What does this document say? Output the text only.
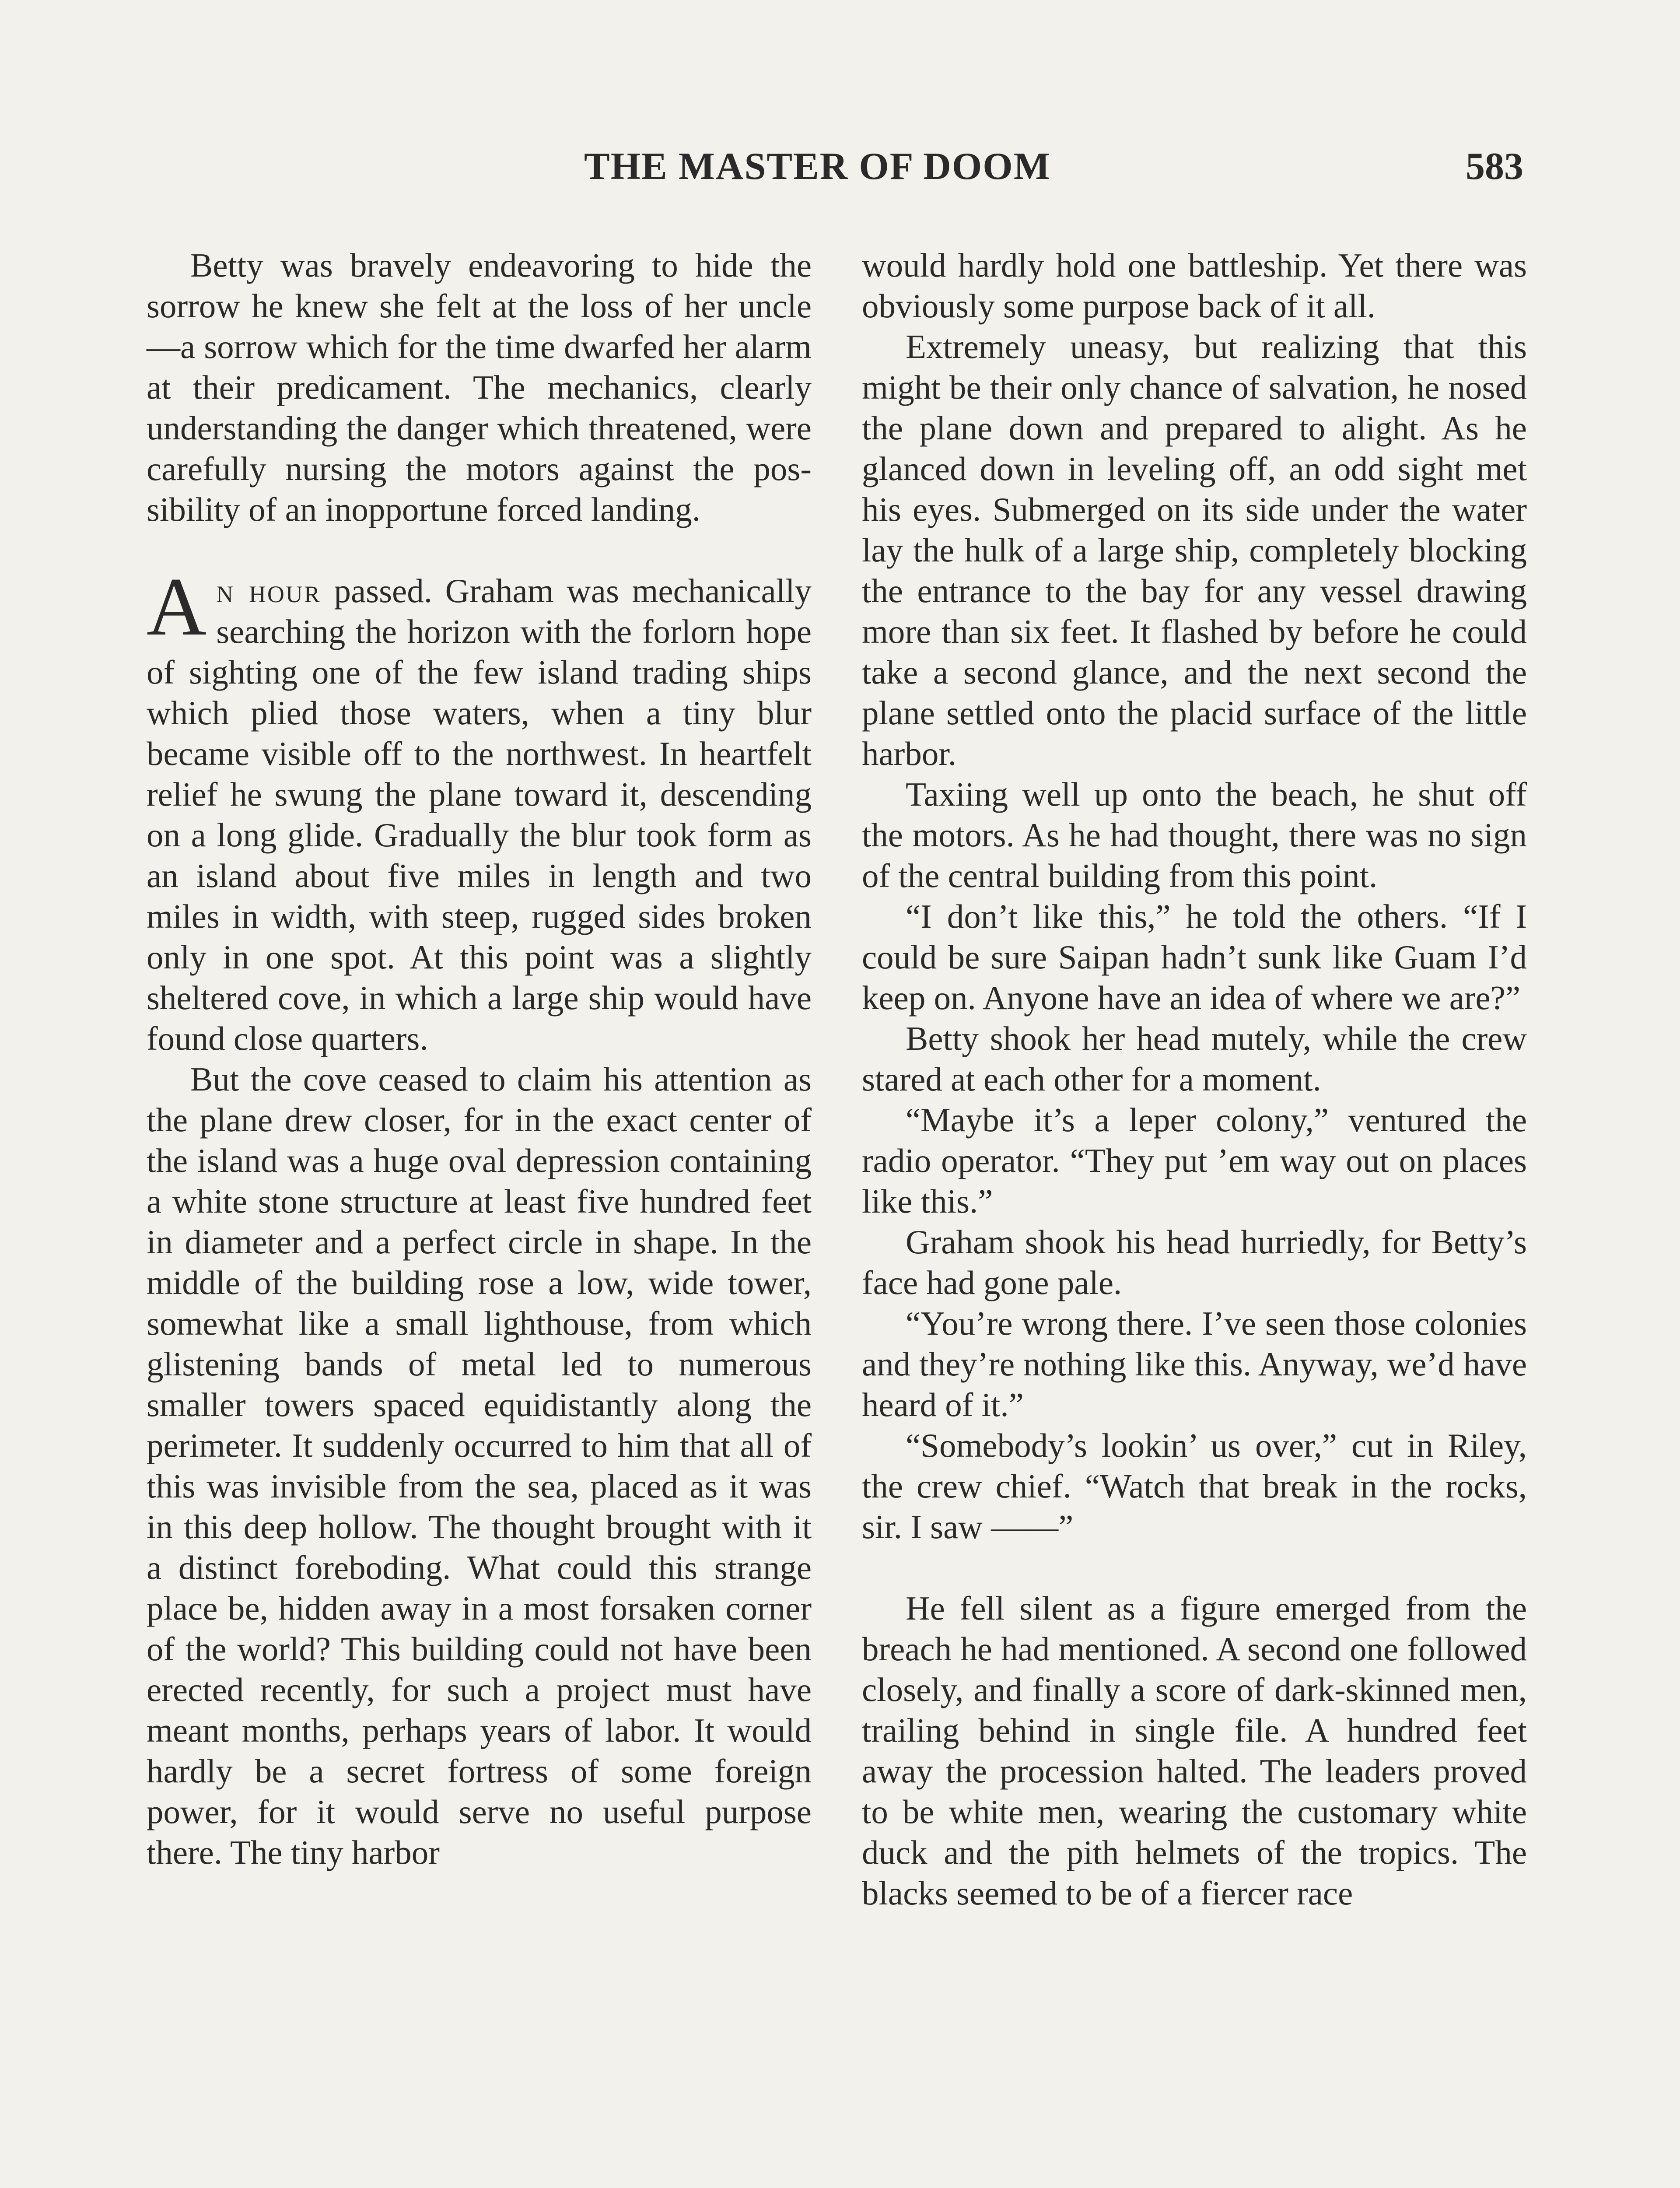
THE MASTER OF DOOM	583

Betty was bravely endeavoring to hide the sorrow he knew she felt at the loss of her uncle—a sorrow which for the time dwarfed her alarm at their predicament. The mechanics, clearly understanding the danger which threatened, were carefully nursing the motors against the possibility of an inopportune forced landing.

An hour passed. Graham was mechanically searching the horizon with the forlorn hope of sighting one of the few island trading ships which plied those waters, when a tiny blur became visible off to the northwest. In heartfelt relief he swung the plane toward it, descending on a long glide. Gradually the blur took form as an island about five miles in length and two miles in width, with steep, rugged sides broken only in one spot. At this point was a slightly sheltered cove, in which a large ship would have found close quarters.

But the cove ceased to claim his attention as the plane drew closer, for in the exact center of the island was a huge oval depression containing a white stone structure at least five hundred feet in diameter and a perfect circle in shape. In the middle of the building rose a low, wide tower, somewhat like a small lighthouse, from which glistening bands of metal led to numerous smaller towers spaced equidistantly along the perimeter. It suddenly occurred to him that all of this was invisible from the sea, placed as it was in this deep hollow. The thought brought with it a distinct foreboding. What could this strange place be, hidden away in a most forsaken corner of the world? This building could not have been erected recently, for such a project must have meant months, perhaps years of labor. It would hardly be a secret fortress of some foreign power, for it would serve no useful purpose there. The tiny harbor

would hardly hold one battleship. Yet there was obviously some purpose back of it all.

Extremely uneasy, but realizing that this might be their only chance of salvation, he nosed the plane down and prepared to alight. As he glanced down in leveling off, an odd sight met his eyes. Submerged on its side under the water lay the hulk of a large ship, completely blocking the entrance to the bay for any vessel drawing more than six feet. It flashed by before he could take a second glance, and the next second the plane settled onto the placid surface of the little harbor.

Taxiing well up onto the beach, he shut off the motors. As he had thought, there was no sign of the central building from this point.

“I don’t like this,” he told the others. “If I could be sure Saipan hadn’t sunk like Guam I’d keep on. Anyone have an idea of where we are?”

Betty shook her head mutely, while the crew stared at each other for a moment.

“Maybe it’s a leper colony,” ventured the radio operator. “They put ’em way out on places like this.”

Graham shook his head hurriedly, for Betty’s face had gone pale.

“You’re wrong there. I’ve seen those colonies and they’re nothing like this. Anyway, we’d have heard of it.”

“Somebody’s lookin’ us over,” cut in Riley, the crew chief. “Watch that break in the rocks, sir. I saw ——”

He fell silent as a figure emerged from the breach he had mentioned. A second one followed closely, and finally a score of dark-skinned men, trailing behind in single file. A hundred feet away the procession halted. The leaders proved to be white men, wearing the customary white duck and the pith helmets of the tropics. The blacks seemed to be of a fiercer race
